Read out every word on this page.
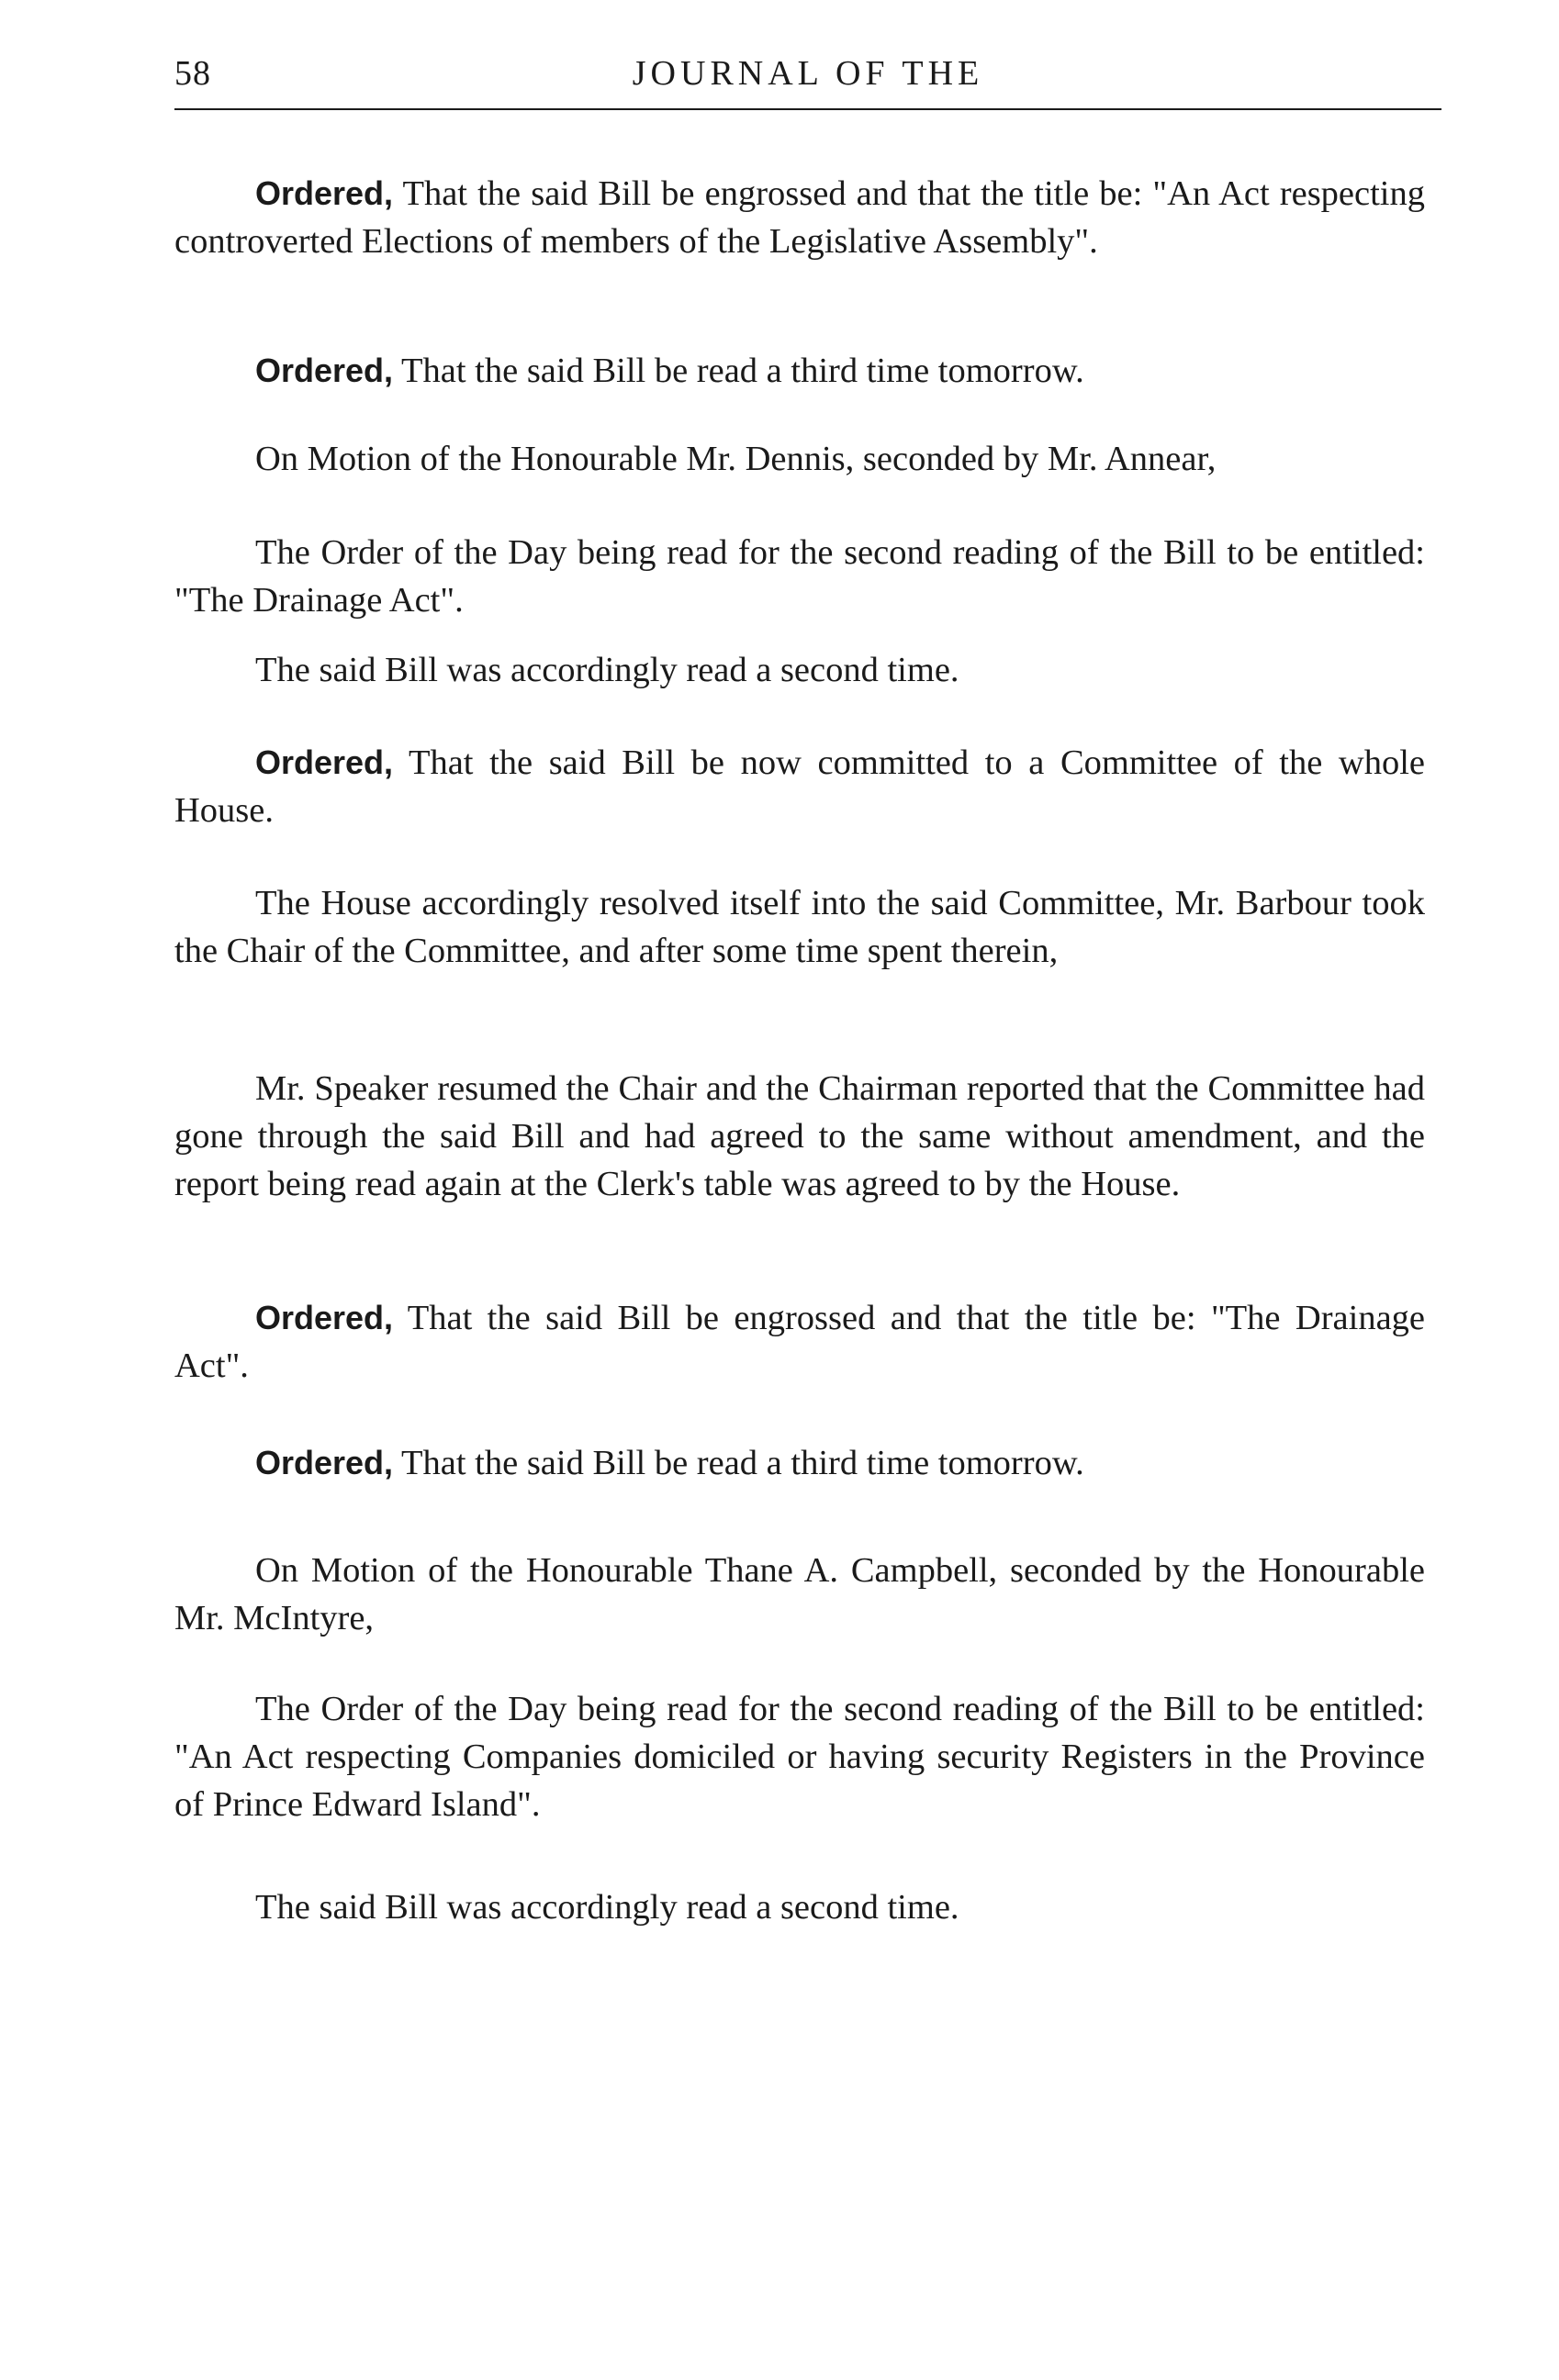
58	JOURNAL OF THE

Ordered, That the said Bill be engrossed and that the title be: "An Act respecting controverted Elections of members of the Legislative Assembly".

Ordered, That the said Bill be read a third time tomorrow.

On Motion of the Honourable Mr. Dennis, seconded by Mr. Annear,

The Order of the Day being read for the second reading of the Bill to be entitled: "The Drainage Act".

The said Bill was accordingly read a second time.

Ordered, That the said Bill be now committed to a Committee of the whole House.

The House accordingly resolved itself into the said Committee, Mr. Barbour took the Chair of the Committee, and after some time spent therein,

Mr. Speaker resumed the Chair and the Chairman reported that the Committee had gone through the said Bill and had agreed to the same without amendment, and the report being read again at the Clerk's table was agreed to by the House.

Ordered, That the said Bill be engrossed and that the title be: "The Drainage Act".

Ordered, That the said Bill be read a third time tomorrow.

On Motion of the Honourable Thane A. Campbell, seconded by the Honourable Mr. McIntyre,

The Order of the Day being read for the second reading of the Bill to be entitled: "An Act respecting Companies domiciled or having security Registers in the Province of Prince Edward Island".

The said Bill was accordingly read a second time.
